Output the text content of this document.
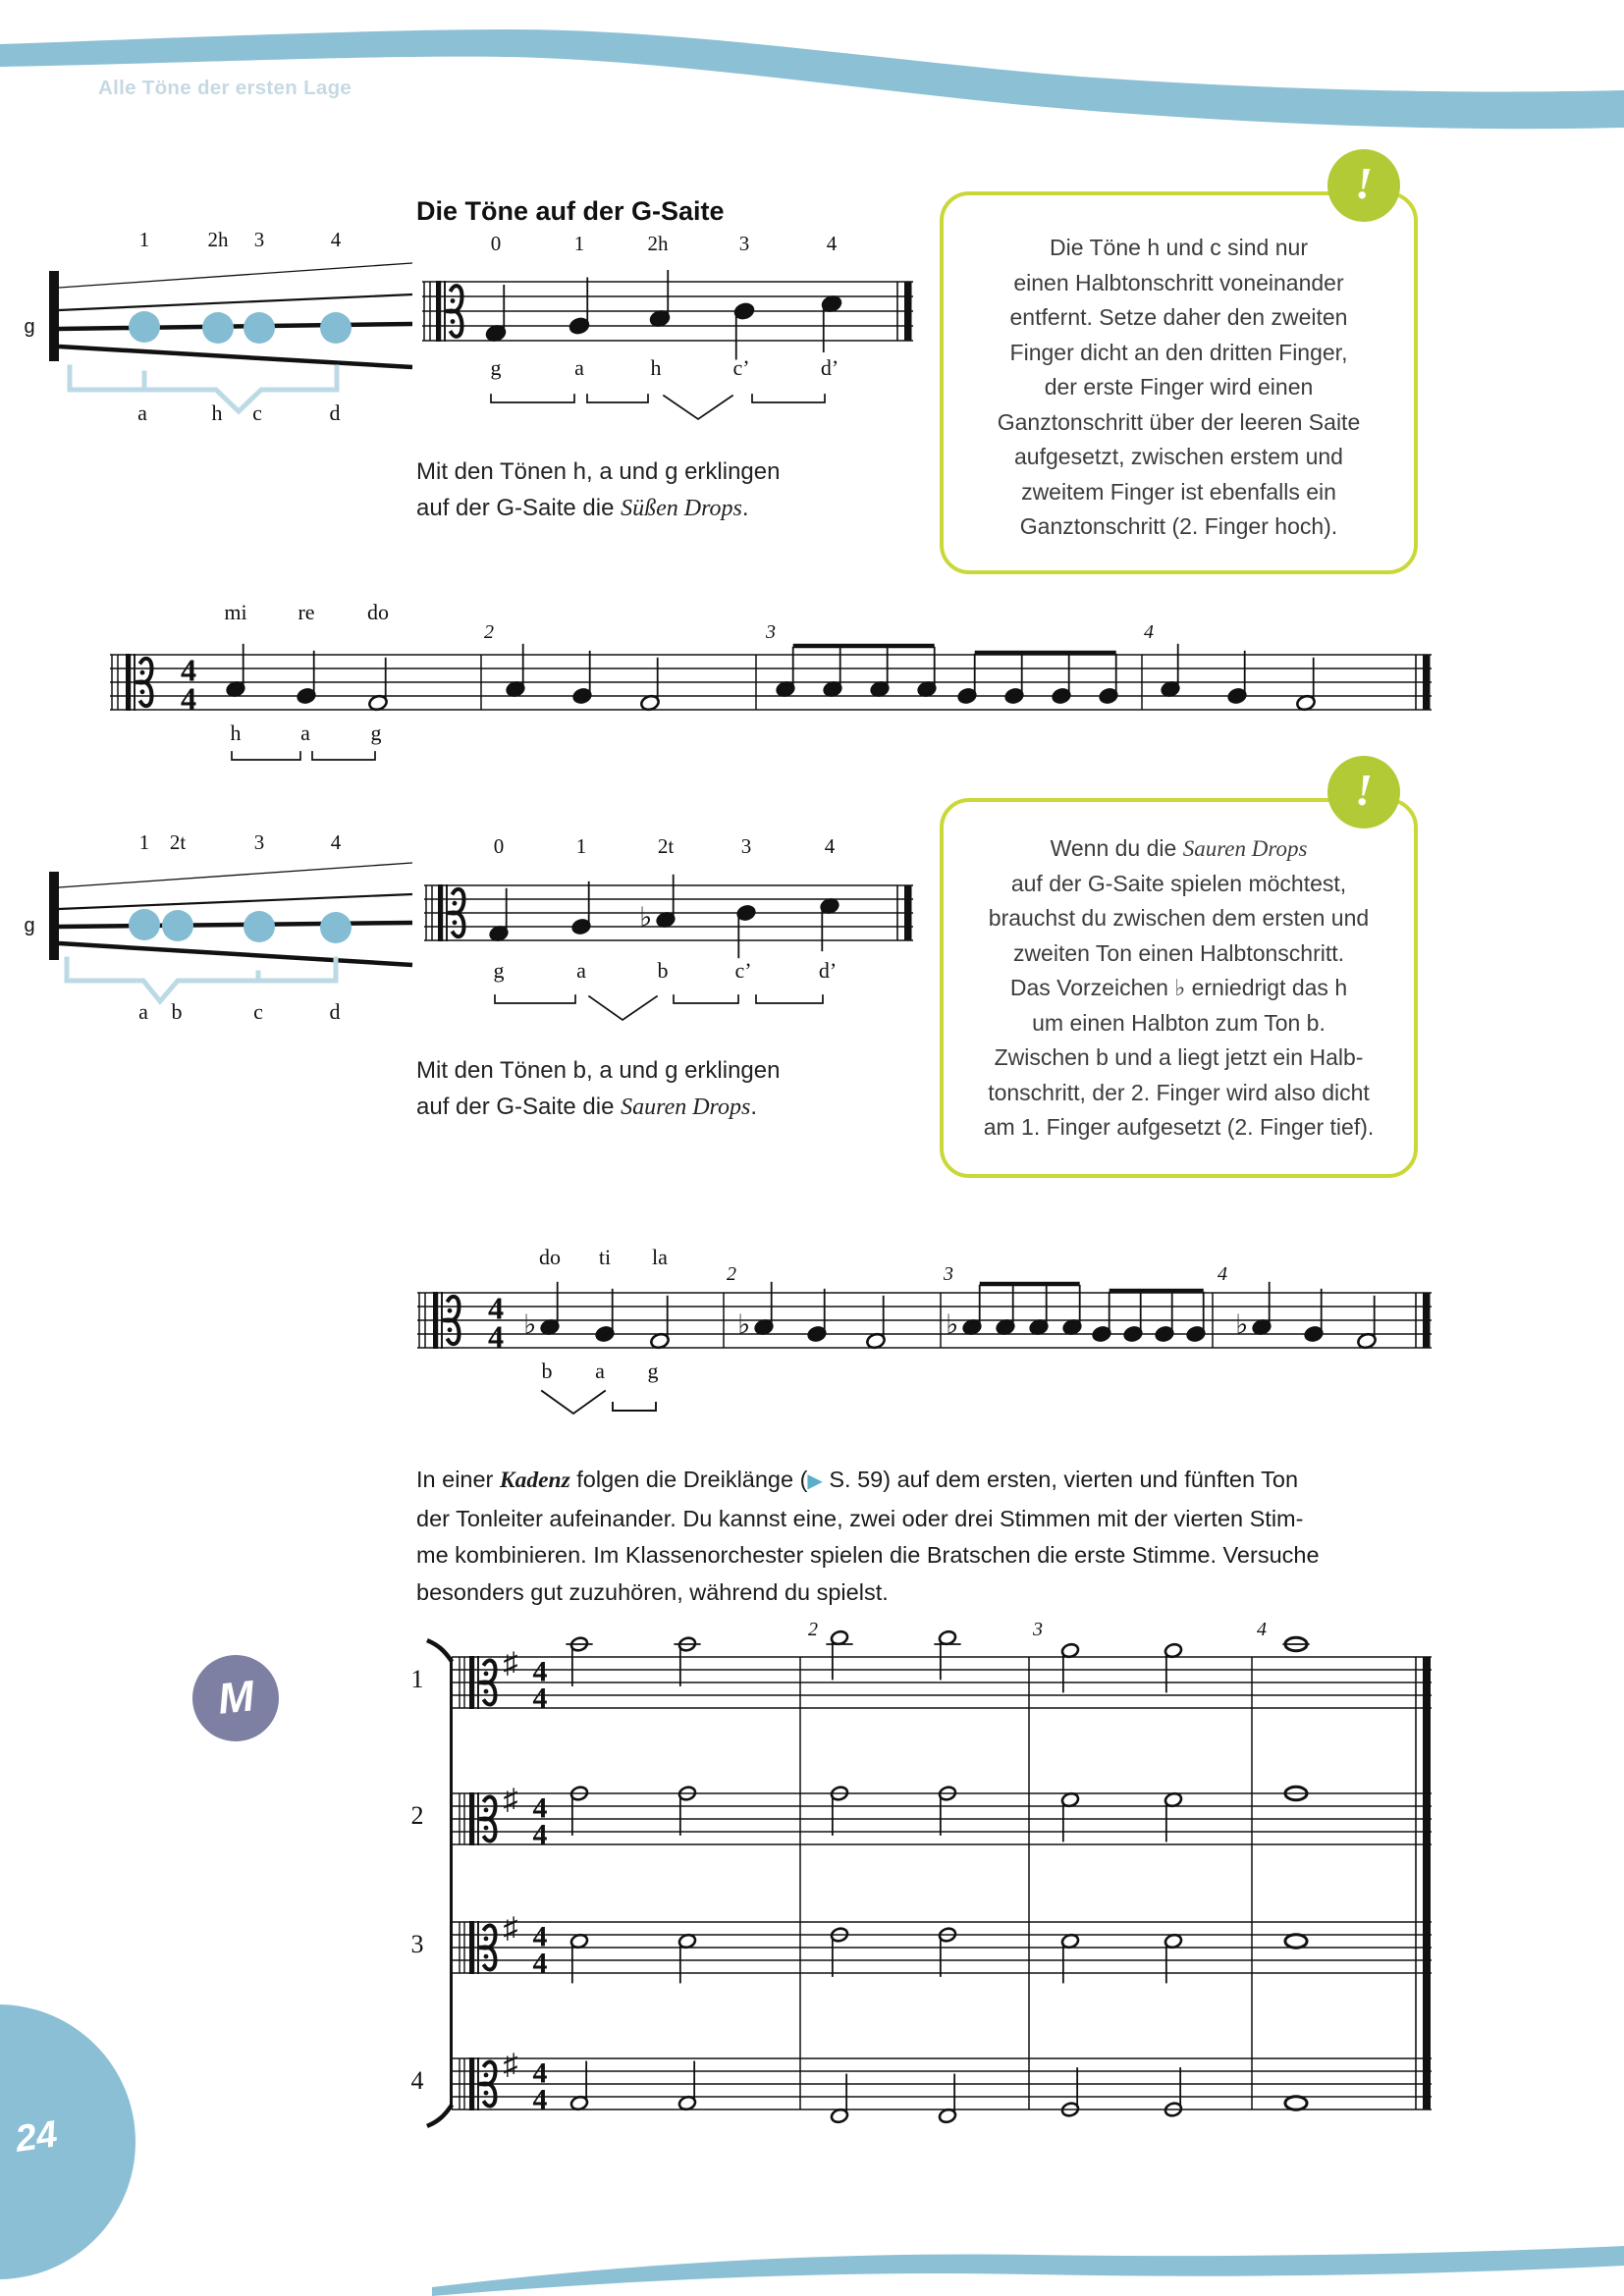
♭
4
4
4
4 ♭	♭	♭	♭
♯ 4
4
♯ 4
4
♯ 4
4
♯ 4
4
Alle Töne der ersten Lage
Die Töne auf der G-Saite
1	2h 3	4
a	h c	d
g
0	1	2h	3	4
g	a	h	c’	d’
Mit den Tönen h, a und g erklingen
auf der G-Saite die Süßen Drops.
Die Töne h und c sind nur
einen Halbtonschritt voneinander
entfernt. Setze daher den zweiten
Finger dicht an den dritten Finger,
der erste Finger wird einen
Ganztonschritt über der leeren Saite
aufgesetzt, zwischen erstem und
zweitem Finger ist ebenfalls ein
Ganztonschritt (2. Finger hoch).
!
mi re do
h	a	g
2	3	4
1 2t	3	4
a b	c	d
g
0	1	2t	3	4
g	a	b	c’	d’
Mit den Tönen b, a und g erklingen
auf der G-Saite die Sauren Drops.
Wenn du die Sauren Drops
auf der G-Saite spielen möchtest,
brauchst du zwischen dem ersten und
zweiten Ton einen Halbtonschritt.
Das Vorzeichen ♭ erniedrigt das h
um einen Halbton zum Ton b.
Zwischen b und a liegt jetzt ein Halb-
tonschritt, der 2. Finger wird also dicht
am 1. Finger aufgesetzt (2. Finger tief).
!
do ti la
b a g
2	3	4
In einer Kadenz folgen die Dreiklänge (▶ S. 59) auf dem ersten, vierten und fünften Ton
der Tonleiter aufeinander. Du kannst eine, zwei oder drei Stimmen mit der vierten Stim-
me kombinieren. Im Klassenorchester spielen die Bratschen die erste Stimme. Versuche
besonders gut zuzuhören, während du spielst.
M	1
2
3
4
2	3	4
24
